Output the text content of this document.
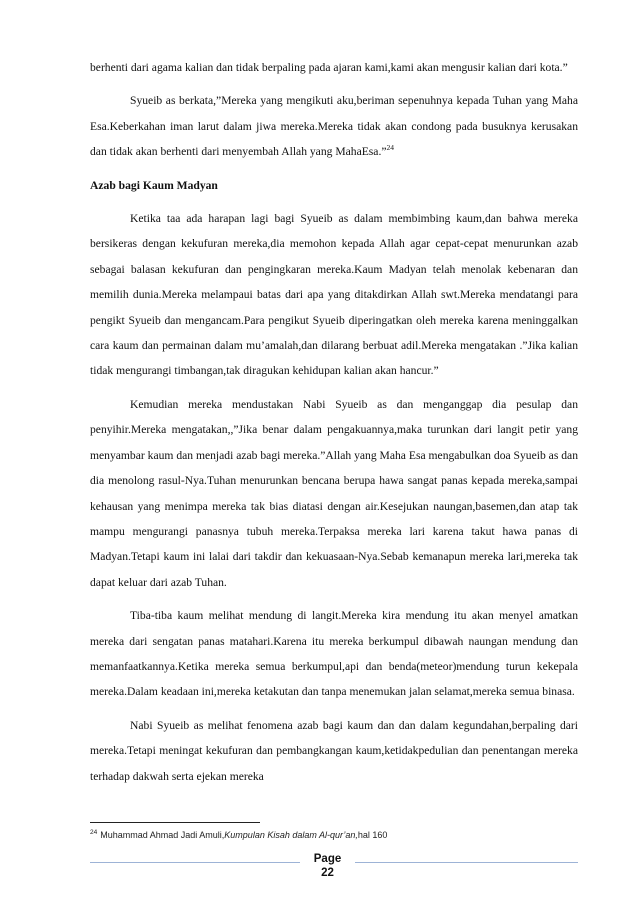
berhenti dari agama kalian dan tidak berpaling pada ajaran kami,kami akan mengusir kalian dari kota.”

Syueib as berkata,”Mereka yang mengikuti aku,beriman sepenuhnya kepada Tuhan yang Maha Esa.Keberkahan iman larut dalam jiwa mereka.Mereka tidak akan condong pada busuknya kerusakan dan tidak akan berhenti dari menyembah Allah yang MahaEsa.”$^{24}$

Azab bagi Kaum Madyan

Ketika taa ada harapan lagi bagi Syueib as dalam membimbing kaum,dan bahwa mereka bersikeras dengan kekufuran mereka,dia memohon kepada Allah agar cepat-cepat menurunkan azab sebagai balasan kekufuran dan pengingkaran mereka.Kaum Madyan telah menolak kebenaran dan memilih dunia.Mereka melampaui batas dari apa yang ditakdirkan Allah swt.Mereka mendatangi para pengikt Syueib dan mengancam.Para pengikut Syueib diperingatkan oleh mereka karena meninggalkan cara kaum dan permainan dalam mu’amalah,dan dilarang berbuat adil.Mereka mengatakan .”Jika kalian tidak mengurangi timbangan,tak diragukan kehidupan kalian akan hancur.”

Kemudian mereka mendustakan Nabi Syueib as dan menganggap dia pesulap dan penyihir.Mereka mengatakan,,”Jika benar dalam pengakuannya,maka turunkan dari langit petir yang menyambar kaum dan menjadi azab bagi mereka.”Allah yang Maha Esa mengabulkan doa Syueib as dan dia menolong rasul-Nya.Tuhan menurunkan bencana berupa hawa sangat panas kepada mereka,sampai kehausan yang menimpa mereka tak bias diatasi dengan air.Kesejukan naungan,basemen,dan atap tak mampu mengurangi panasnya tubuh mereka.Terpaksa mereka lari karena takut hawa panas di Madyan.Tetapi kaum ini lalai dari takdir dan kekuasaan-Nya.Sebab kemanapun mereka lari,mereka tak dapat keluar dari azab Tuhan.

Tiba-tiba kaum melihat mendung di langit.Mereka kira mendung itu akan menyel amatkan mereka dari sengatan panas matahari.Karena itu mereka berkumpul dibawah naungan mendung dan memanfaatkannya.Ketika mereka semua berkumpul,api dan benda(meteor)mendung turun kekepala mereka.Dalam keadaan ini,mereka ketakutan dan tanpa menemukan jalan selamat,mereka semua binasa.

Nabi Syueib as melihat fenomena azab bagi kaum dan dan dalam kegundahan,berpaling dari mereka.Tetapi meningat kekufuran dan pembangkangan kaum,ketidakpedulian dan penentangan mereka terhadap dakwah serta ejekan mereka

$^{24}$ Muhammad Ahmad Jadi Amuli,Kumpulan Kisah dalam Al-qur’an,hal 160
Page
22
